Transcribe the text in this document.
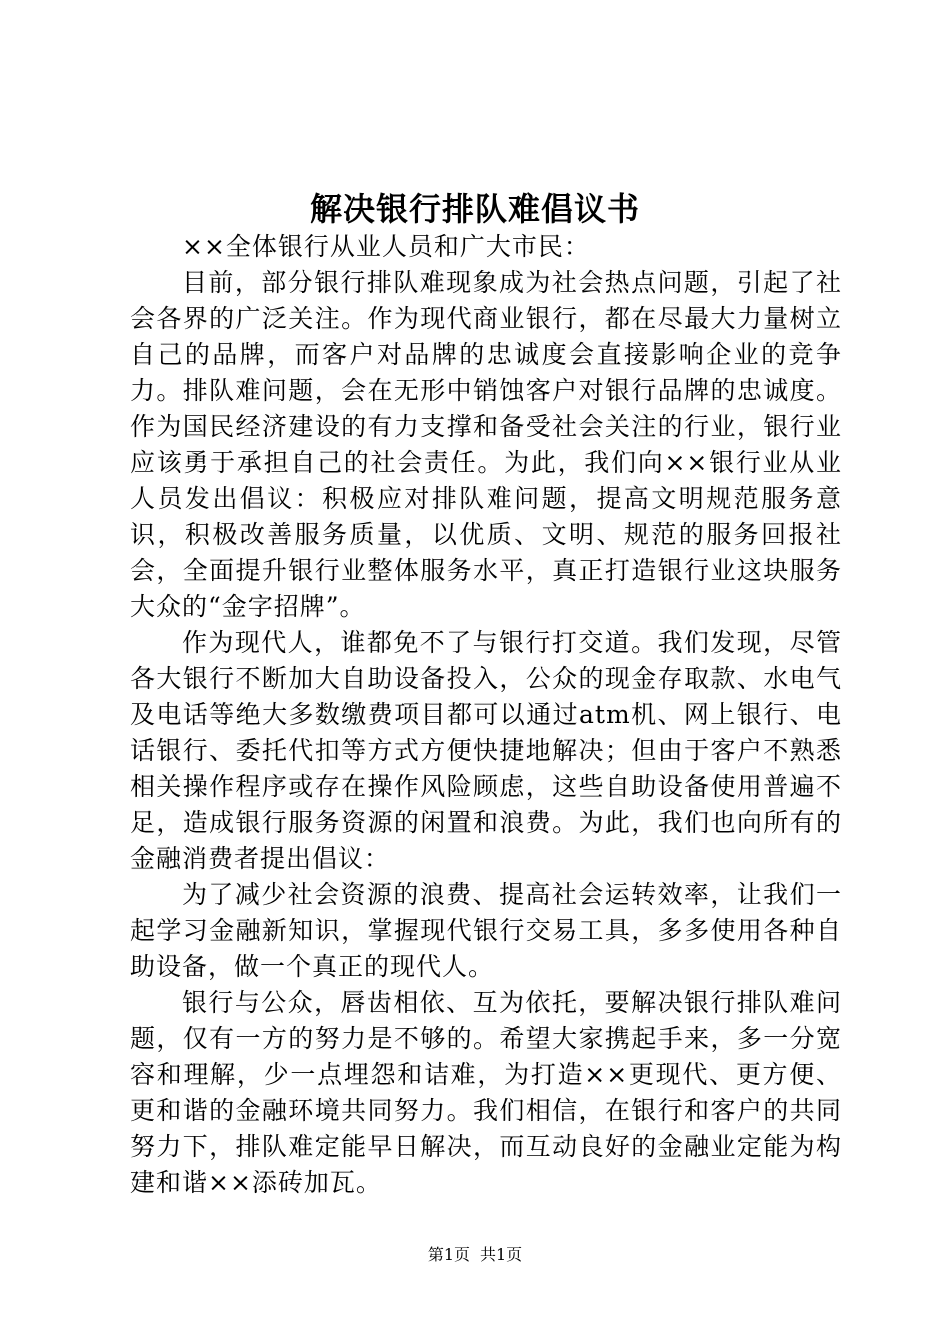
解决银行排队难倡议书

××全体银行从业人员和广大市民：

目前，部分银行排队难现象成为社会热点问题，引起了社会各界的广泛关注。作为现代商业银行，都在尽最大力量树立自己的品牌，而客户对品牌的忠诚度会直接影响企业的竞争力。排队难问题，会在无形中销蚀客户对银行品牌的忠诚度。作为国民经济建设的有力支撑和备受社会关注的行业，银行业应该勇于承担自己的社会责任。为此，我们向××银行业从业人员发出倡议：积极应对排队难问题，提高文明规范服务意识，积极改善服务质量，以优质、文明、规范的服务回报社会，全面提升银行业整体服务水平，真正打造银行业这块服务大众的“金字招牌”。

作为现代人，谁都免不了与银行打交道。我们发现，尽管各大银行不断加大自助设备投入，公众的现金存取款、水电气及电话等绝大多数缴费项目都可以通过atm机、网上银行、电话银行、委托代扣等方式方便快捷地解决；但由于客户不熟悉相关操作程序或存在操作风险顾虑，这些自助设备使用普遍不足，造成银行服务资源的闲置和浪费。为此，我们也向所有的金融消费者提出倡议：

为了减少社会资源的浪费、提高社会运转效率，让我们一起学习金融新知识，掌握现代银行交易工具，多多使用各种自助设备，做一个真正的现代人。

银行与公众，唇齿相依、互为依托，要解决银行排队难问题，仅有一方的努力是不够的。希望大家携起手来，多一分宽容和理解，少一点埋怨和诘难，为打造××更现代、更方便、更和谐的金融环境共同努力。我们相信，在银行和客户的共同努力下，排队难定能早日解决，而互动良好的金融业定能为构建和谐××添砖加瓦。

第1页 共1页
